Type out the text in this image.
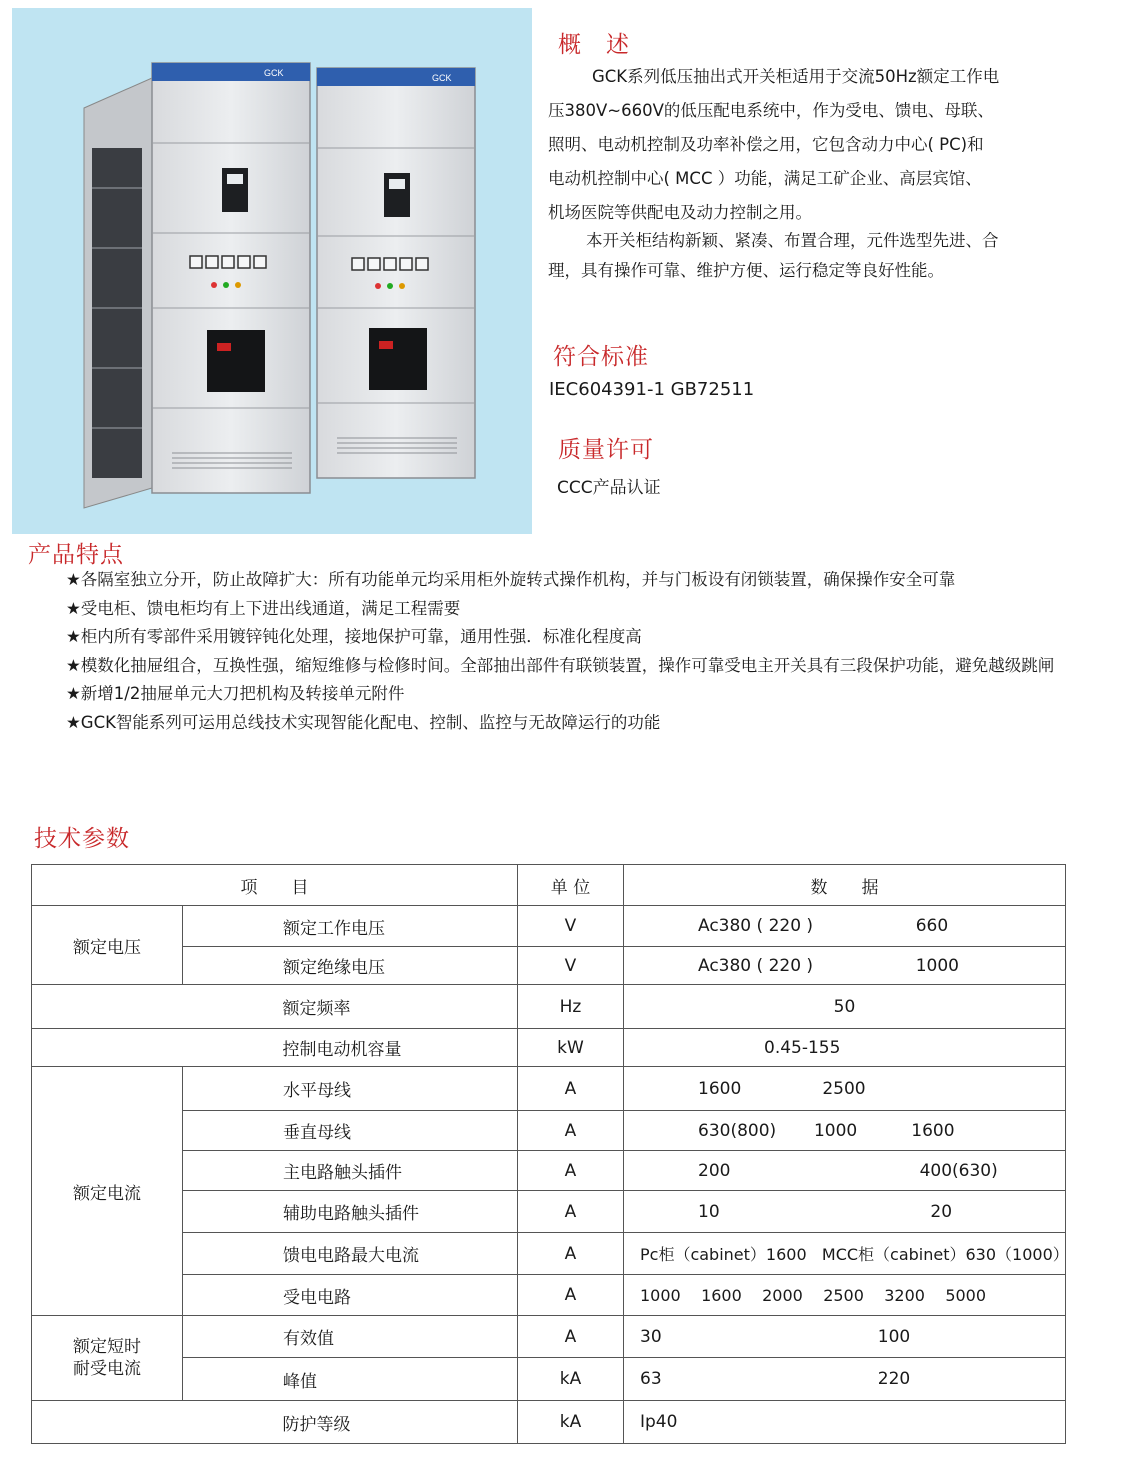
GCK	GCK
概　述
GCK系列低压抽出式开关柜适用于交流50Hz额定工作电
压380V~660V的低压配电系统中，作为受电、馈电、母联、
照明、电动机控制及功率补偿之用，它包含动力中心( PC)和
电动机控制中心( MCC ）功能，满足工矿企业、高层宾馆、
机场医院等供配电及动力控制之用。
本开关柜结构新颖、紧凑、布置合理，元件选型先进、合
理，具有操作可靠、维护方便、运行稳定等良好性能。
符合标准

IEC604391-1 GB72511

质量许可

CCC产品认证

产品特点
★各隔室独立分开，防止故障扩大：所有功能单元均采用柜外旋转式操作机构，并与门板设有闭锁装置，确保操作安全可靠
★受电柜、馈电柜均有上下进出线通道，满足工程需要
★柜内所有零部件采用镀锌钝化处理，接地保护可靠，通用性强．标准化程度高
★模数化抽屉组合，互换性强，缩短维修与检修时间。全部抽出部件有联锁装置，操作可靠受电主开关具有三段保护功能，避免越级跳闸
★新增1/2抽屉单元大刀把机构及转接单元附件
★GCK智能系列可运用总线技术实现智能化配电、控制、监控与无故障运行的功能
技术参数
项　　目		单 位	数　　据
额定电压	额定工作电压	V	Ac380 ( 220 )                   660
	额定绝缘电压	V	Ac380 ( 220 )                   1000
	额定频率	Hz	50
	控制电动机容量	kW	0.45-155
额定电流	水平母线	A	1600               2500
	垂直母线	A	630(800)       1000          1600
	主电路触头插件	A	200                                   400(630)
	辅助电路触头插件	A	10                                       20
	馈电电路最大电流	A	Pc柜（cabinet）1600   MCC柜（cabinet）630（1000）
	受电电路	A	1000    1600    2000    2500    3200    5000
额定短时
耐受电流	有效值	A	30                                        100
	峰值	kA	63                                        220
	防护等级	kA	Ip40
